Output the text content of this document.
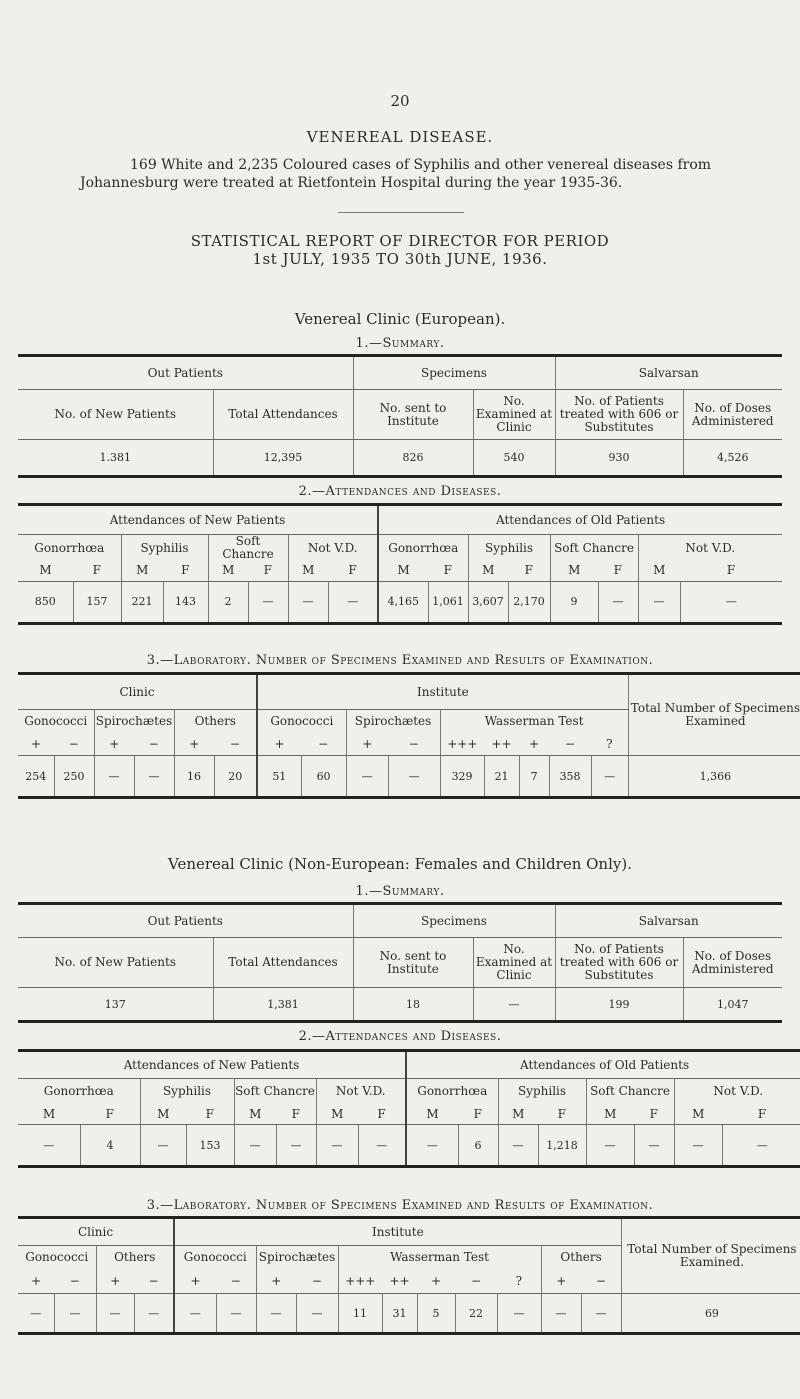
20
VENEREAL DISEASE.
169 White and 2,235 Coloured cases of Syphilis and other venereal diseases from Johannesburg were treated at Rietfontein Hospital during the year 1935-36.
STATISTICAL REPORT OF DIRECTOR FOR PERIOD
1st JULY, 1935 TO 30th JUNE, 1936.
Venereal Clinic (European).
1.—Summary.
Out Patients		Specimens		Salvarsan	
No. of New Patients	Total Attendances	No. sent to Institute	No. Examined at Clinic	No. of Patients treated with 606 or Substitutes	No. of Doses Administered
1.381	12,395	826	540	930	4,526
2.—Attendances and Diseases.
Attendances of New Patients								Attendances of Old Patients							
Gonorrhœa		Syphilis		Soft Chancre		Not V.D.		Gonorrhœa		Syphilis		Soft Chancre		Not V.D.	
M	F	M	F	M	F	M	F	M	F	M	F	M	F	M	F
850	157	221	143	2	—	—	—	4,165	1,061	3,607	2,170	9	—	—	—
3.—Laboratory. Number of Specimens Examined and Results of Examination.
Clinic						Institute									Total Number of Specimens Examined
Gonococci		Spirochætes		Others		Gonococci		Spirochætes		Wasserman Test					
+	−	+	−	+	−	+	−	+	−	+++	++	+	−	?	
254	250	—	—	16	20	51	60	—	—	329	21	7	358	—	1,366
Venereal Clinic (Non-European: Females and Children Only).
1.—Summary.
Out Patients		Specimens		Salvarsan	
No. of New Patients	Total Attendances	No. sent to Institute	No. Examined at Clinic	No. of Patients treated with 606 or Substitutes	No. of Doses Administered
137	1,381	18	—	199	1,047
2.—Attendances and Diseases.
Attendances of New Patients								Attendances of Old Patients							
Gonorrhœa		Syphilis		Soft Chancre		Not V.D.		Gonorrhœa		Syphilis		Soft Chancre		Not V.D.	
M	F	M	F	M	F	M	F	M	F	M	F	M	F	M	F
—	4	—	153	—	—	—	—	—	6	—	1,218	—	—	—	—
3.—Laboratory. Number of Specimens Examined and Results of Examination.
Clinic				Institute											Total Number of Specimens Examined.
Gonococci		Others		Gonococci		Spirochætes		Wasserman Test					Others		
+	−	+	−	+	−	+	−	+++	++	+	−	?	+	−	
—	—	—	—	—	—	—	—	11	31	5	22	—	—	—	69
